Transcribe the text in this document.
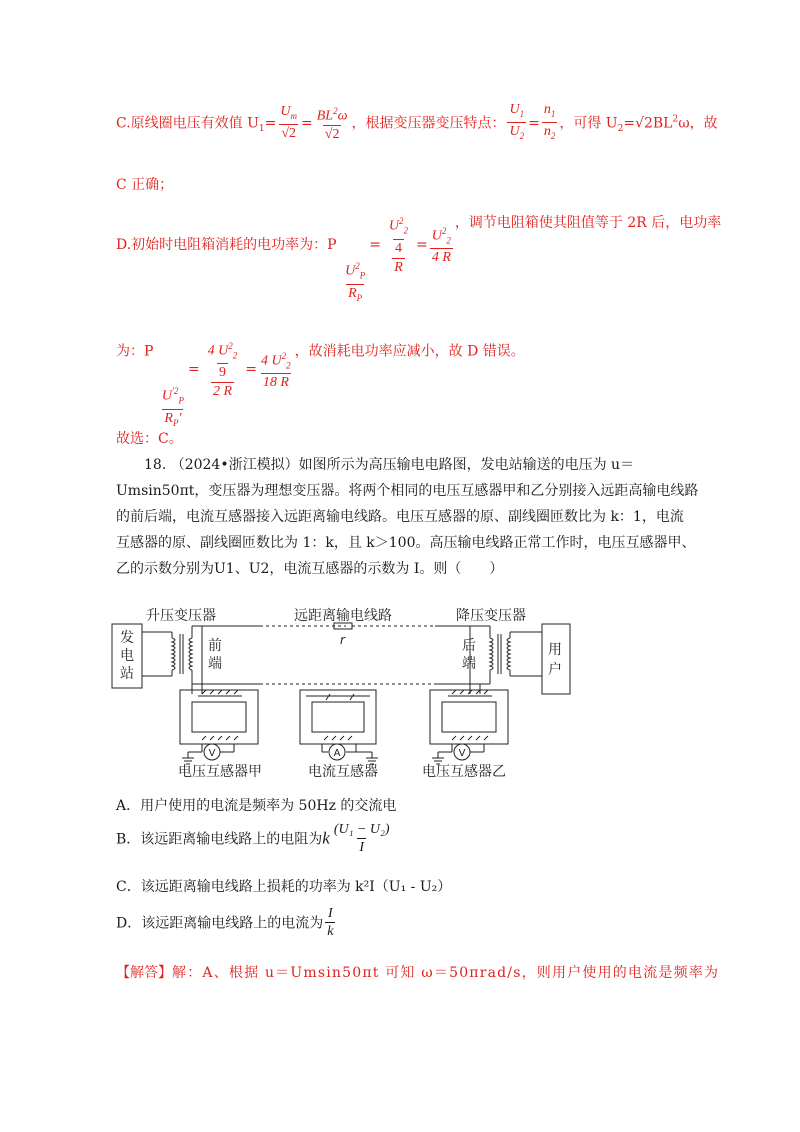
C.原线圈电压有效值 $U_1= \frac{U_m}{√2} = \frac{BL^2\omega}{√2}$ ，根据变压器变压特点： $\frac{U_1}{U_2} = \frac{n_1}{n_2}$ ，可得 $U_2=√2BL^2\omega$，故
C 正确；
D.初始时电阻箱消耗的电功率为：P
$\frac{U^2_P}{R_P}$
= $\frac{\frac{U^2_2}{4}}{R} = \frac{U^2_2}{4 R}$ ，调节电阻箱使其阻值等于 2R 后，电功率
为：P
$\frac{U^{'2}_P}{R_P'}$
= $\frac{\frac{4 U^2_2}{9}}{2 R} = \frac{4 U^2_2}{18 R}$ ，故消耗电功率应减小，故 D 错误。
故选：C。
18. （2024•浙江模拟）如图所示为高压输电电路图，发电站输送的电压为 u＝
Umsin50πt，变压器为理想变压器。将两个相同的电压互感器甲和乙分别接入远距高输电线路
的前后端，电流互感器接入远距离输电线路。电压互感器的原、副线圈匝数比为 k：1，电流
互感器的原、副线圈匝数比为 1：k，且 k＞100。高压输电线路正常工作时，电压互感器甲、
乙的示数分别为U1、U2，电流互感器的示数为 I。则（　　）
V	A	V
发
电
站
升压变压器
前
端
远距离输电线路	降压变压器
后
端
用
户
电压互感器甲	电流互感器	电压互感器乙
r
A．用户使用的电流是频率为 50Hz 的交流电
B．该远距离输电线路上的电阻为k $\frac{\text{(U₁ − U₂)}}{I}$
C．该远距离输电线路上损耗的功率为 k²I（U₁ - U₂）
D．该远距离输电线路上的电流为 $\frac{I}{k}$
【解答】解：A、根据 u＝Umsin50πt 可知 ω＝50πrad/s，则用户使用的电流是频率为
